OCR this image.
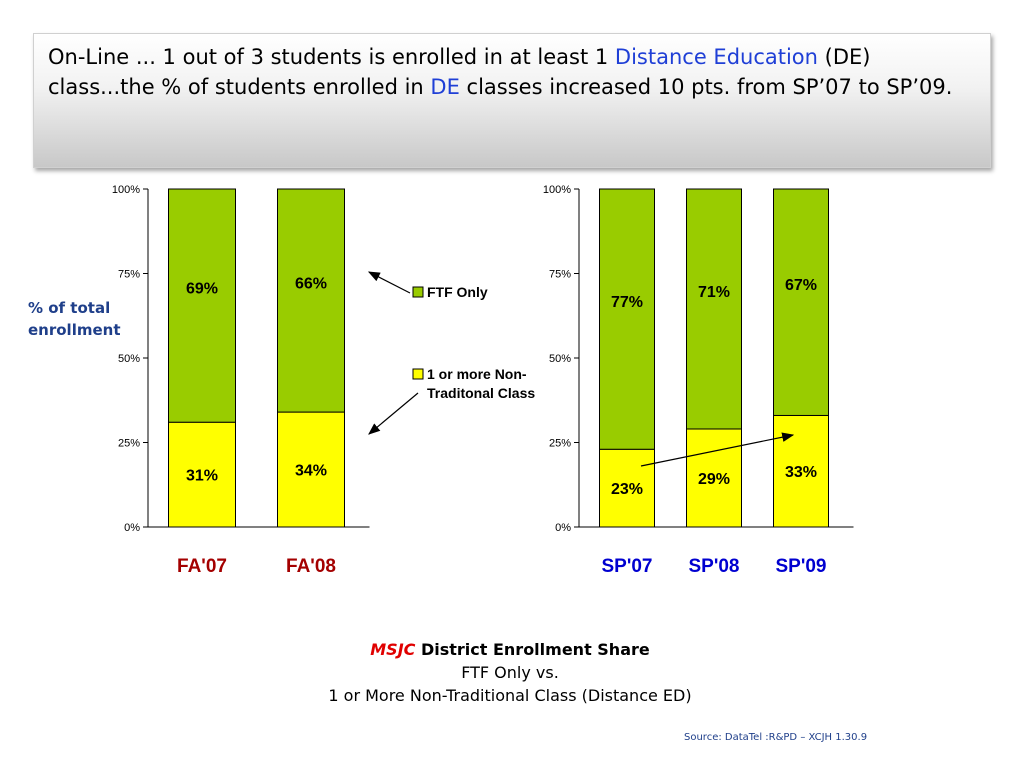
On-Line ... 1 out of 3 students is enrolled in at least 1 Distance Education (DE) class...the % of students enrolled in DE classes increased 10 pts. from SP’07 to SP’09.
% of total enrollment
0%
25%
50%
75%
100%
31%
69%
FA'07
34%
66%
FA'08
0%
25%
50%
75%
100%
23%
77%
SP'07
29%
71%
SP'08
33%
67%
SP'09
FTF Only
1 or more Non-
Traditonal Class
MSJC District Enrollment Share
FTF Only vs.
1 or More Non-Traditional Class (Distance ED)
Source: DataTel :R&PD – XCJH 1.30.9
